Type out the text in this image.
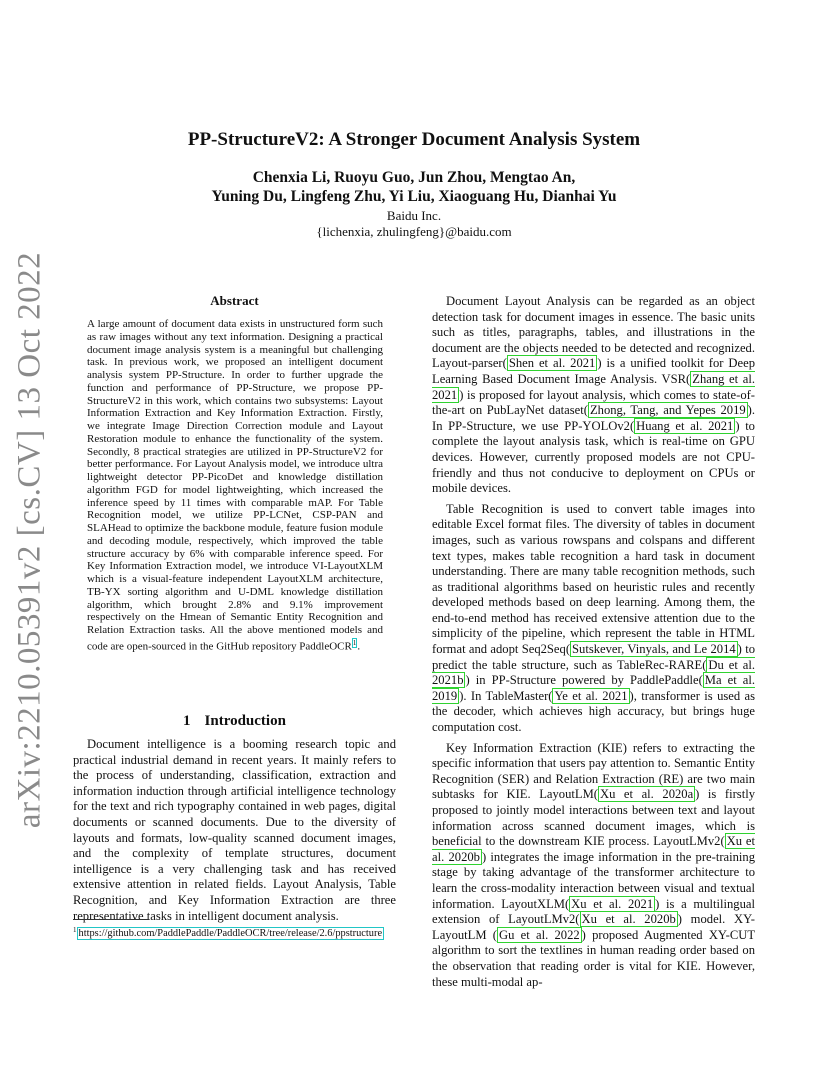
arXiv:2210.05391v2 [cs.CV] 13 Oct 2022
PP-StructureV2: A Stronger Document Analysis System
Chenxia Li, Ruoyu Guo, Jun Zhou, Mengtao An,
Yuning Du, Lingfeng Zhu, Yi Liu, Xiaoguang Hu, Dianhai Yu
Baidu Inc.
{lichenxia, zhulingfeng}@baidu.com
Abstract
A large amount of document data exists in unstructured form such as raw images without any text information. Designing a practical document image analysis system is a meaningful but challenging task. In previous work, we proposed an intelligent document analysis system PP-Structure. In order to further upgrade the function and performance of PP-Structure, we propose PP-StructureV2 in this work, which contains two subsystems: Layout Information Extraction and Key Information Extraction. Firstly, we integrate Image Direction Correction module and Layout Restoration module to enhance the functionality of the system. Secondly, 8 practical strategies are utilized in PP-StructureV2 for better performance. For Layout Analysis model, we introduce ultra lightweight detector PP-PicoDet and knowledge distillation algorithm FGD for model lightweighting, which increased the inference speed by 11 times with comparable mAP. For Table Recognition model, we utilize PP-LCNet, CSP-PAN and SLAHead to optimize the backbone module, feature fusion module and decoding module, respectively, which improved the table structure accuracy by 6% with comparable inference speed. For Key Information Extraction model, we introduce VI-LayoutXLM which is a visual-feature independent LayoutXLM architecture, TB-YX sorting algorithm and U-DML knowledge distillation algorithm, which brought 2.8% and 9.1% improvement respectively on the Hmean of Semantic Entity Recognition and Relation Extraction tasks. All the above mentioned models and code are open-sourced in the GitHub repository PaddleOCR$^1$.
1 Introduction

Document intelligence is a booming research topic and practical industrial demand in recent years. It mainly refers to the process of understanding, classification, extraction and information induction through artificial intelligence technology for the text and rich typography contained in web pages, digital documents or scanned documents. Due to the diversity of layouts and formats, low-quality scanned document images, and the complexity of template structures, document intelligence is a very challenging task and has received extensive attention in related fields. Layout Analysis, Table Recognition, and Key Information Extraction are three representative tasks in intelligent document analysis.

$^1$ https://github.com/PaddlePaddle/PaddleOCR/tree/release/2.6/ppstructure

Document Layout Analysis can be regarded as an object detection task for document images in essence. The basic units such as titles, paragraphs, tables, and illustrations in the document are the objects needed to be detected and recognized. Layout-parser( Shen et al. 2021 ) is a unified toolkit for Deep Learning Based Document Image Analysis. VSR( Zhang et al. 2021 ) is proposed for layout analysis, which comes to state-of-the-art on PubLayNet dataset( Zhong, Tang, and Yepes 2019 ). In PP-Structure, we use PP-YOLOv2( Huang et al. 2021 ) to complete the layout analysis task, which is real-time on GPU devices. However, currently proposed models are not CPU-friendly and thus not conducive to deployment on CPUs or mobile devices.

Table Recognition is used to convert table images into editable Excel format files. The diversity of tables in document images, such as various rowspans and colspans and different text types, makes table recognition a hard task in document understanding. There are many table recognition methods, such as traditional algorithms based on heuristic rules and recently developed methods based on deep learning. Among them, the end-to-end method has received extensive attention due to the simplicity of the pipeline, which represent the table in HTML format and adopt Seq2Seq( Sutskever, Vinyals, and Le 2014 ) to predict the table structure, such as TableRec-RARE( Du et al. 2021b ) in PP-Structure powered by PaddlePaddle( Ma et al. 2019 ). In TableMaster( Ye et al. 2021 ), transformer is used as the decoder, which achieves high accuracy, but brings huge computation cost.

Key Information Extraction (KIE) refers to extracting the specific information that users pay attention to. Semantic Entity Recognition (SER) and Relation Extraction (RE) are two main subtasks for KIE. LayoutLM( Xu et al. 2020a ) is firstly proposed to jointly model interactions between text and layout information across scanned document images, which is beneficial to the downstream KIE process. LayoutLMv2( Xu et al. 2020b ) integrates the image information in the pre-training stage by taking advantage of the transformer architecture to learn the cross-modality interaction between visual and textual information. LayoutXLM( Xu et al. 2021 ) is a multilingual extension of LayoutLMv2( Xu et al. 2020b ) model. XY-LayoutLM ( Gu et al. 2022 ) proposed Augmented XY-CUT algorithm to sort the textlines in human reading order based on the observation that reading order is vital for KIE. However, these multi-modal ap-
